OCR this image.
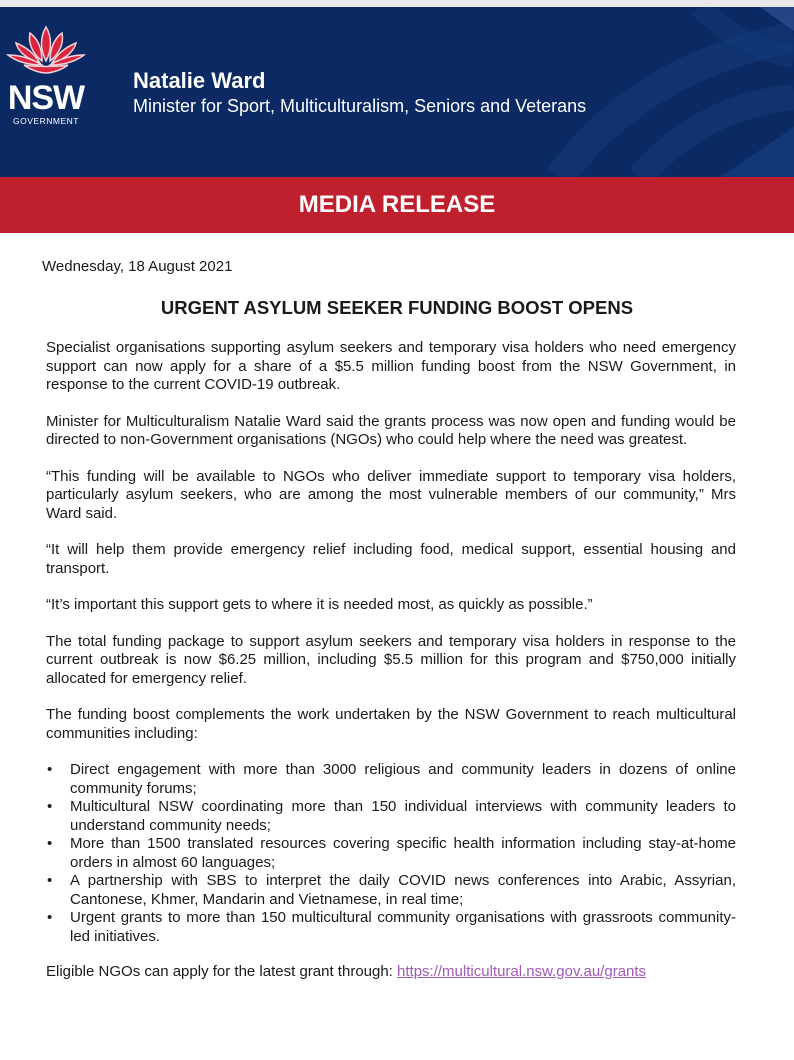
NSW
GOVERNMENT
Natalie Ward
Minister for Sport, Multiculturalism, Seniors and Veterans
MEDIA RELEASE
Wednesday, 18 August 2021
URGENT ASYLUM SEEKER FUNDING BOOST OPENS

Specialist organisations supporting asylum seekers and temporary visa holders who need emergency support can now apply for a share of a $5.5 million funding boost from the NSW Government, in response to the current COVID-19 outbreak.

Minister for Multiculturalism Natalie Ward said the grants process was now open and funding would be directed to non-Government organisations (NGOs) who could help where the need was greatest.

“This funding will be available to NGOs who deliver immediate support to temporary visa holders, particularly asylum seekers, who are among the most vulnerable members of our community,” Mrs Ward said.

“It will help them provide emergency relief including food, medical support, essential housing and transport.

“It’s important this support gets to where it is needed most, as quickly as possible.”

The total funding package to support asylum seekers and temporary visa holders in response to the current outbreak is now $6.25 million, including $5.5 million for this program and $750,000 initially allocated for emergency relief.

The funding boost complements the work undertaken by the NSW Government to reach multicultural communities including:

• Direct engagement with more than 3000 religious and community leaders in dozens of online community forums;
• Multicultural NSW coordinating more than 150 individual interviews with community leaders to understand community needs;
• More than 1500 translated resources covering specific health information including stay-at-home orders in almost 60 languages;
• A partnership with SBS to interpret the daily COVID news conferences into Arabic, Assyrian, Cantonese, Khmer, Mandarin and Vietnamese, in real time;
• Urgent grants to more than 150 multicultural community organisations with grassroots community-led initiatives.

Eligible NGOs can apply for the latest grant through: https://multicultural.nsw.gov.au/grants
